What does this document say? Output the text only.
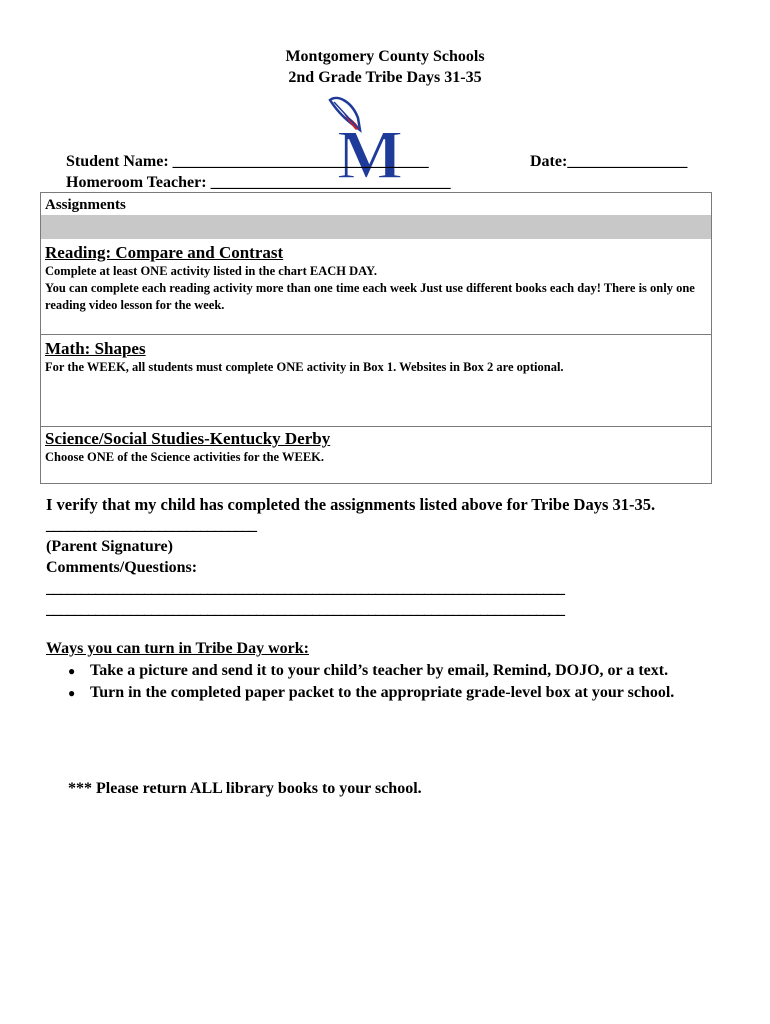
Montgomery County Schools
2nd Grade Tribe Days 31-35
M
Student Name: ________________________________	Date:_______________
Homeroom Teacher: ______________________________
Assignments
Reading: Compare and Contrast
Complete at least ONE activity listed in the chart EACH DAY.
You can complete each reading activity more than one time each week Just use different books each day! There is only one reading video lesson for the week.
Math: Shapes
For the WEEK, all students must complete ONE activity in Box 1. Websites in Box 2 are optional.
Science/Social Studies-Kentucky Derby
Choose ONE of the Science activities for the WEEK.
I verify that my child has completed the assignments listed above for Tribe Days 31-35.
______________________________
(Parent Signature)
Comments/Questions:
__________________________________________________________________________
__________________________________________________________________________
Ways you can turn in Tribe Day work:
● Take a picture and send it to your child’s teacher by email, Remind, DOJO, or a text.
● Turn in the completed paper packet to the appropriate grade-level box at your school.
*** Please return ALL library books to your school.
